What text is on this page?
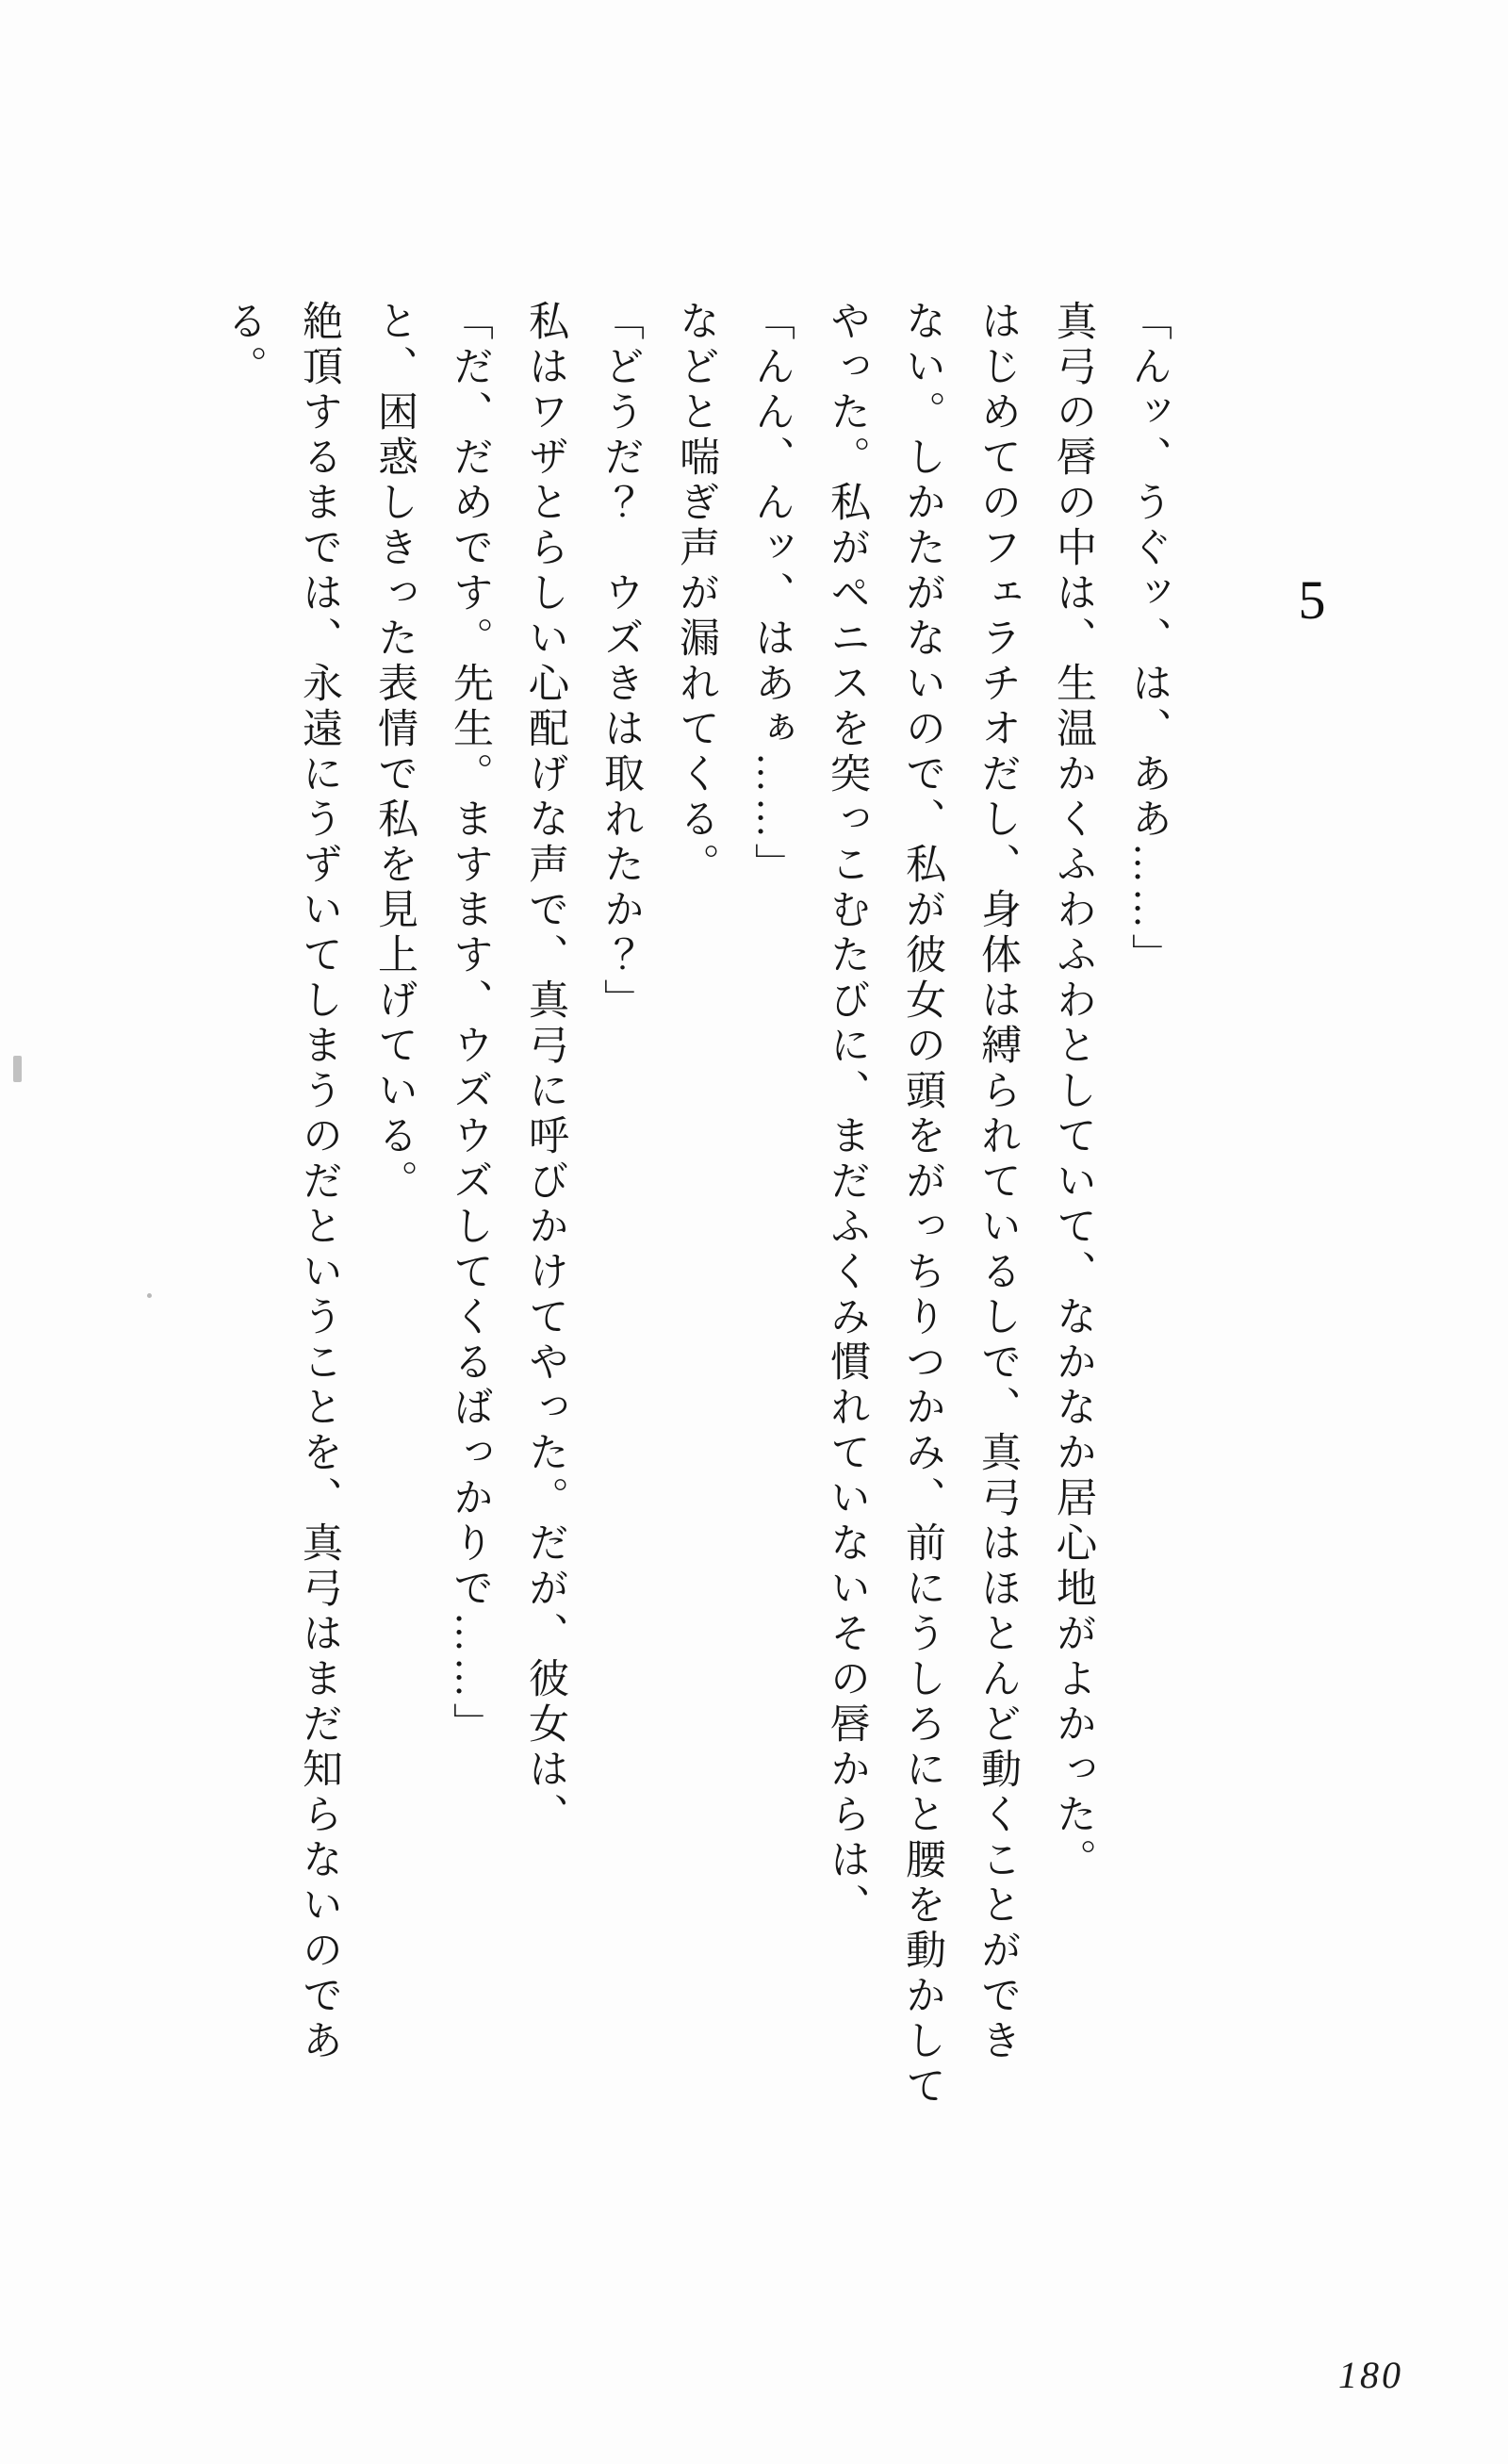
5

「んッ、うぐッ、は、ああ……」

真弓の唇の中は、生温かくふわふわとしていて、なかなか居心地がよかった。

はじめてのフェラチオだし、身体は縛られているしで、真弓はほとんど動くことができ

ない。しかたがないので、私が彼女の頭をがっちりつかみ、前にうしろにと腰を動かして

やった。私がペニスを突っこむたびに、まだふくみ慣れていないその唇からは、

「んん、んッ、はあぁ……」

などと喘ぎ声が漏れてくる。

「どうだ？　ウズきは取れたか？」

私はワザとらしい心配げな声で、真弓に呼びかけてやった。だが、彼女は、

「だ、だめです。先生。ますます、ウズウズしてくるばっかりで……」

と、困惑しきった表情で私を見上げている。

絶頂するまでは、永遠にうずいてしまうのだということを、真弓はまだ知らないのであ

る。

180
